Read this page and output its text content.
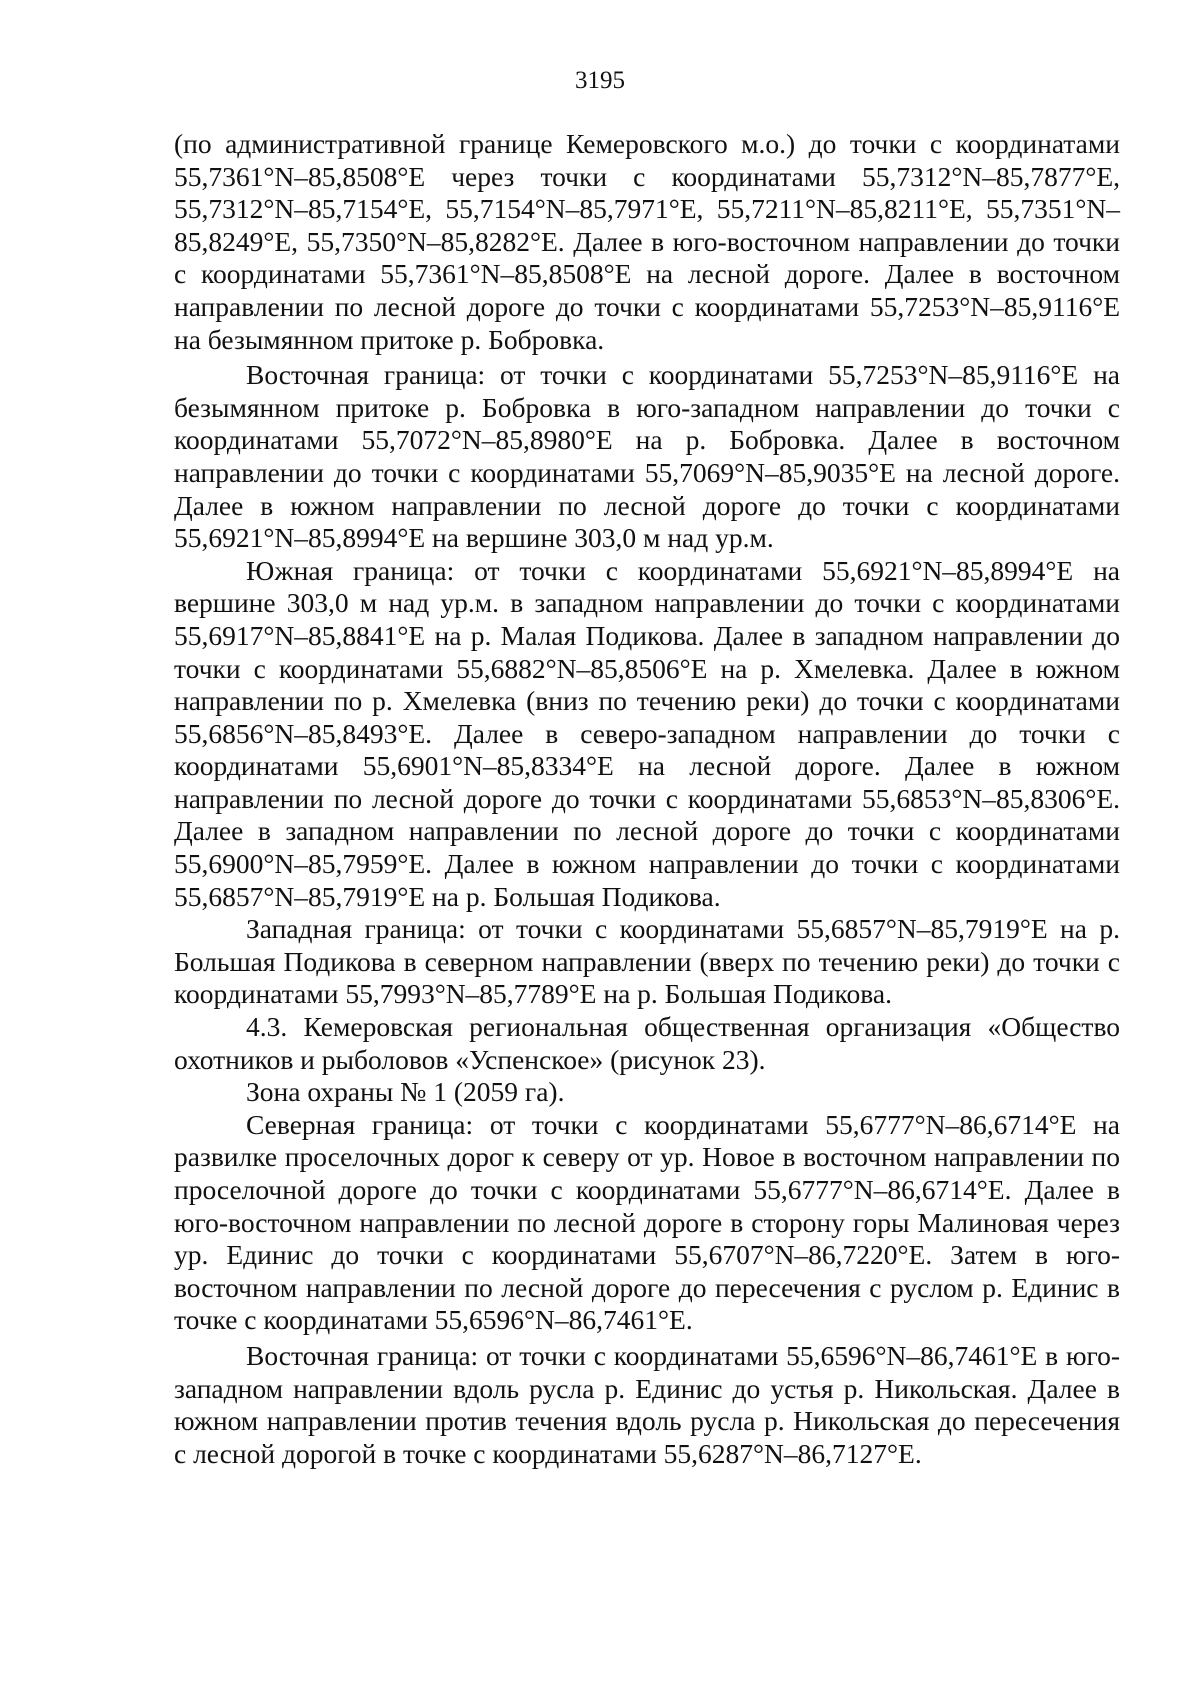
3195

(по административной границе Кемеровского м.о.) до точки с координатами 55,7361°N–85,8508°E через точки с координатами 55,7312°N–85,7877°E, 55,7312°N–85,7154°E, 55,7154°N–85,7971°E, 55,7211°N–85,8211°E, 55,7351°N–85,8249°E, 55,7350°N–85,8282°E. Далее в юго-восточном направлении до точки с координатами 55,7361°N–85,8508°E на лесной дороге. Далее в восточном направлении по лесной дороге до точки с координатами 55,7253°N–85,9116°E на безымянном притоке р. Бобровка.

Восточная граница: от точки с координатами 55,7253°N–85,9116°E на безымянном притоке р. Бобровка в юго-западном направлении до точки с координатами 55,7072°N–85,8980°E на р. Бобровка. Далее в восточном направлении до точки с координатами 55,7069°N–85,9035°E на лесной дороге. Далее в южном направлении по лесной дороге до точки с координатами 55,6921°N–85,8994°E на вершине 303,0 м над ур.м.

Южная граница: от точки с координатами 55,6921°N–85,8994°E на вершине 303,0 м над ур.м. в западном направлении до точки с координатами 55,6917°N–85,8841°E на р. Малая Подикова. Далее в западном направлении до точки с координатами 55,6882°N–85,8506°E на р. Хмелевка. Далее в южном направлении по р. Хмелевка (вниз по течению реки) до точки с координатами 55,6856°N–85,8493°E. Далее в северо-западном направлении до точки с координатами 55,6901°N–85,8334°E на лесной дороге. Далее в южном направлении по лесной дороге до точки с координатами 55,6853°N–85,8306°E. Далее в западном направлении по лесной дороге до точки с координатами 55,6900°N–85,7959°E. Далее в южном направлении до точки с координатами 55,6857°N–85,7919°E на р. Большая Подикова.

Западная граница: от точки с координатами 55,6857°N–85,7919°E на р. Большая Подикова в северном направлении (вверх по течению реки) до точки с координатами 55,7993°N–85,7789°E на р. Большая Подикова.

4.3. Кемеровская региональная общественная организация «Общество охотников и рыболовов «Успенское» (рисунок 23).

Зона охраны № 1 (2059 га).

Северная граница: от точки с координатами 55,6777°N–86,6714°E на развилке проселочных дорог к северу от ур. Новое в восточном направлении по проселочной дороге до точки с координатами 55,6777°N–86,6714°E. Далее в юго-восточном направлении по лесной дороге в сторону горы Малиновая через ур. Единис до точки с координатами 55,6707°N–86,7220°E. Затем в юго-восточном направлении по лесной дороге до пересечения с руслом р. Единис в точке с координатами 55,6596°N–86,7461°E.

Восточная граница: от точки с координатами 55,6596°N–86,7461°E в юго-западном направлении вдоль русла р. Единис до устья р. Никольская. Далее в южном направлении против течения вдоль русла р. Никольская до пересечения с лесной дорогой в точке с координатами 55,6287°N–86,7127°E.
